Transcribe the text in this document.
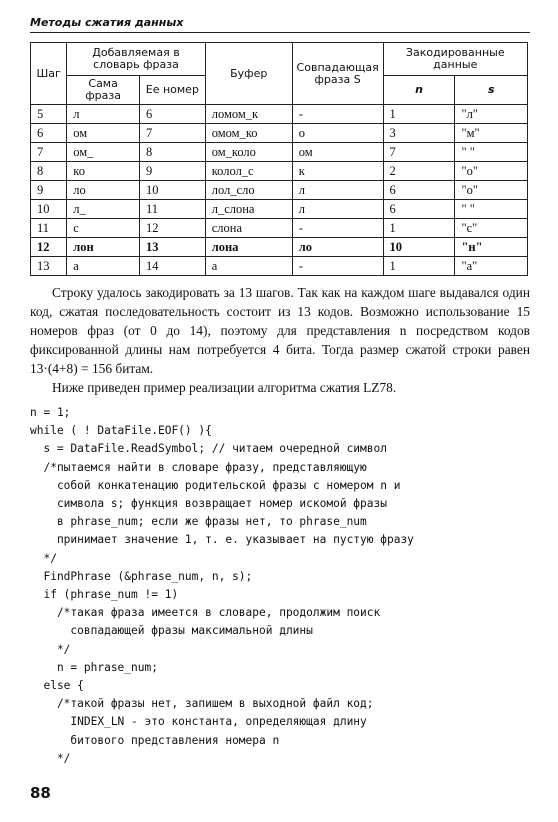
Методы сжатия данных
Шаг	Добавляемая в словарь фраза		Буфер	Совпадающая фраза S	Закодированные данные	
	Сама фраза	Ее номер			n	s
5	л	6	ломом_к	-	1	"л"
6	ом	7	омом_ко	о	3	"м"
7	ом_	8	ом_коло	ом	7	" "
8	ко	9	колол_с	к	2	"о"
9	ло	10	лол_сло	л	6	"о"
10	л_	11	л_слона	л	6	" "
11	с	12	слона	-	1	"с"
12	лон	13	лона	ло	10	"н"
13	а	14	а	-	1	"а"

Строку удалось закодировать за 13 шагов. Так как на каждом шаге выдавался один код, сжатая последовательность состоит из 13 кодов. Возможно использование 15 номеров фраз (от 0 до 14), поэтому для представления n посредством кодов фиксированной длины нам потребуется 4 бита. Тогда размер сжатой строки равен 13·(4+8) = 156 битам.

Ниже приведен пример реализации алгоритма сжатия LZ78.

n = 1;
while ( ! DataFile.EOF() ){
s = DataFile.ReadSymbol; // читаем очередной символ
/*пытаемся найти в словаре фразу, представляющую
собой конкатенацию родительской фразы с номером n и
символа s; функция возвращает номер искомой фразы
в phrase_num; если же фразы нет, то phrase_num
принимает значение 1, т. е. указывает на пустую фразу
*/
FindPhrase (&phrase_num, n, s);
if (phrase_num != 1)
/*такая фраза имеется в словаре, продолжим поиск
совпадающей фразы максимальной длины
*/
n = phrase_num;
else {
/*такой фразы нет, запишем в выходной файл код;
INDEX_LN - это константа, определяющая длину
битового представления номера n
*/
88
